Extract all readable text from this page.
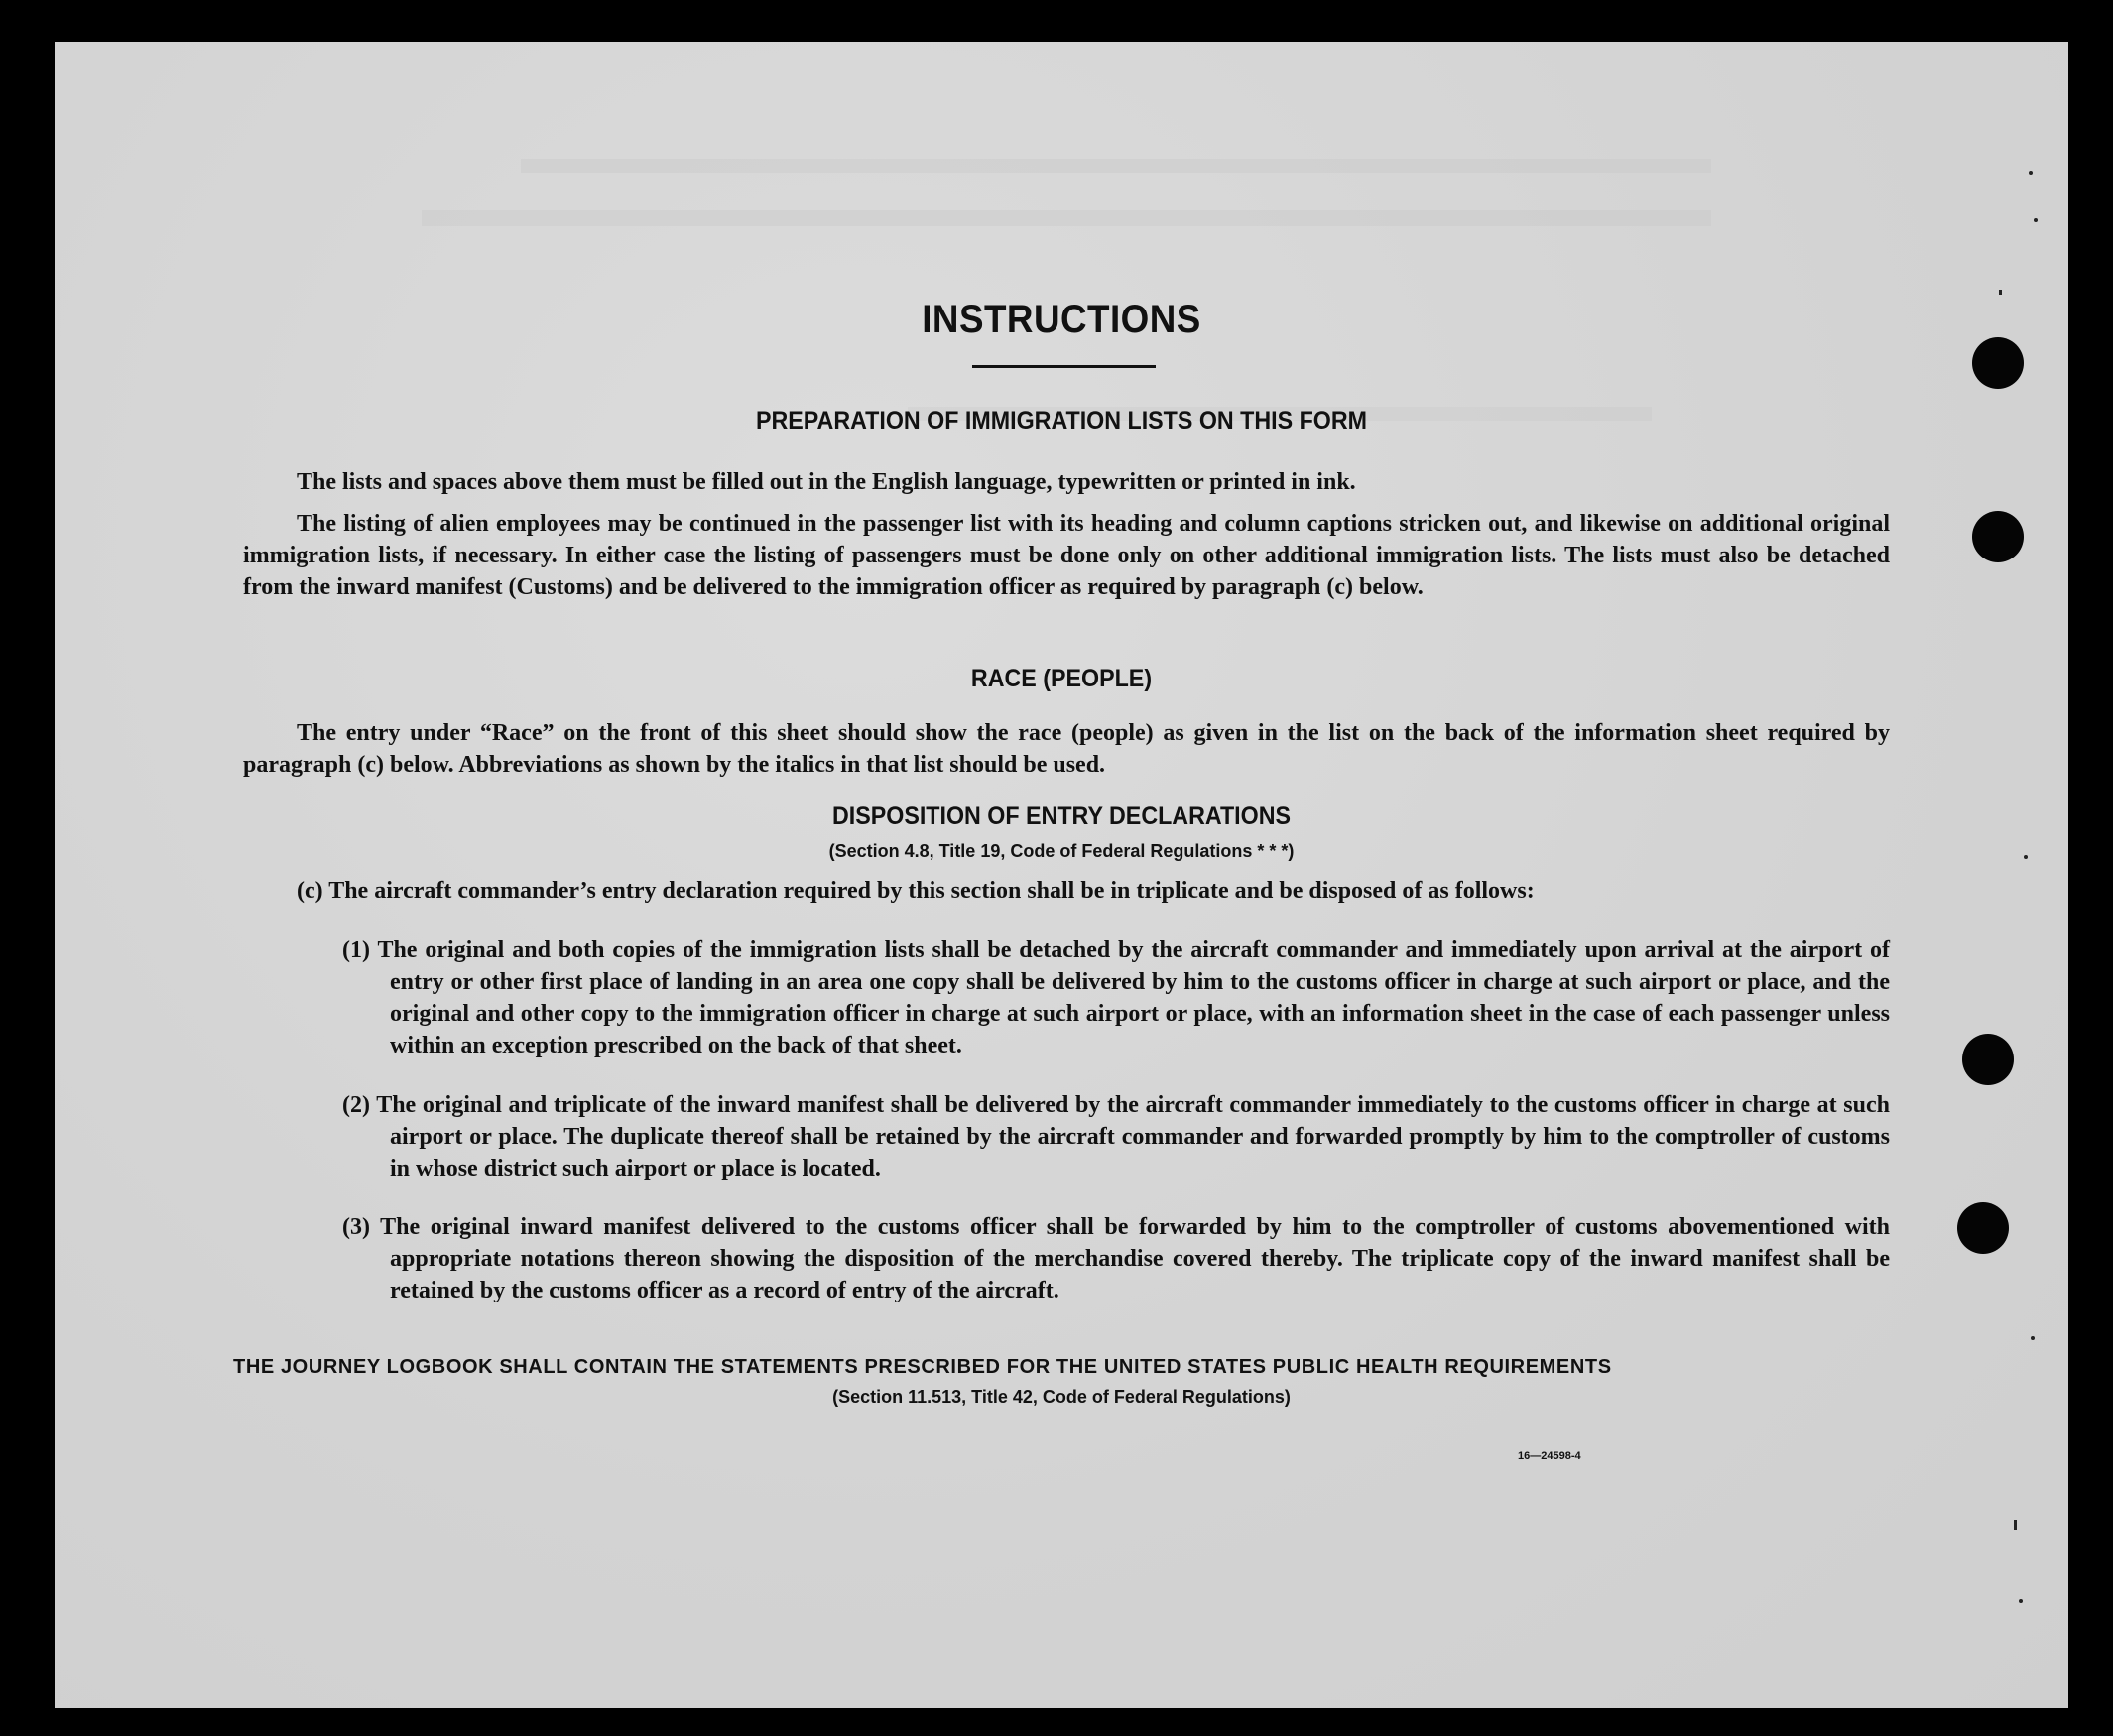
INSTRUCTIONS
PREPARATION OF IMMIGRATION LISTS ON THIS FORM
The lists and spaces above them must be filled out in the English language, typewritten or printed in ink.
The listing of alien employees may be continued in the passenger list with its heading and column captions stricken out, and likewise on additional original immigration lists, if necessary. In either case the listing of passengers must be done only on other additional immigration lists. The lists must also be detached from the inward manifest (Customs) and be delivered to the immigration officer as required by paragraph (c) below.
RACE (PEOPLE)
The entry under “Race” on the front of this sheet should show the race (people) as given in the list on the back of the information sheet required by paragraph (c) below. Abbreviations as shown by the italics in that list should be used.
DISPOSITION OF ENTRY DECLARATIONS
(Section 4.8, Title 19, Code of Federal Regulations * * *)
(c) The aircraft commander’s entry declaration required by this section shall be in triplicate and be disposed of as follows:
(1) The original and both copies of the immigration lists shall be detached by the aircraft commander and immediately upon arrival at the airport of entry or other first place of landing in an area one copy shall be delivered by him to the customs officer in charge at such airport or place, and the original and other copy to the immigration officer in charge at such airport or place, with an information sheet in the case of each passenger unless within an exception prescribed on the back of that sheet.
(2) The original and triplicate of the inward manifest shall be delivered by the aircraft commander immediately to the customs officer in charge at such airport or place. The duplicate thereof shall be retained by the aircraft commander and forwarded promptly by him to the comptroller of customs in whose district such airport or place is located.
(3) The original inward manifest delivered to the customs officer shall be forwarded by him to the comptroller of customs abovementioned with appropriate notations thereon showing the disposition of the merchandise covered thereby. The triplicate copy of the inward manifest shall be retained by the customs officer as a record of entry of the aircraft.
THE JOURNEY LOGBOOK SHALL CONTAIN THE STATEMENTS PRESCRIBED FOR THE UNITED STATES PUBLIC HEALTH REQUIREMENTS
(Section 11.513, Title 42, Code of Federal Regulations)
16—24598-4
